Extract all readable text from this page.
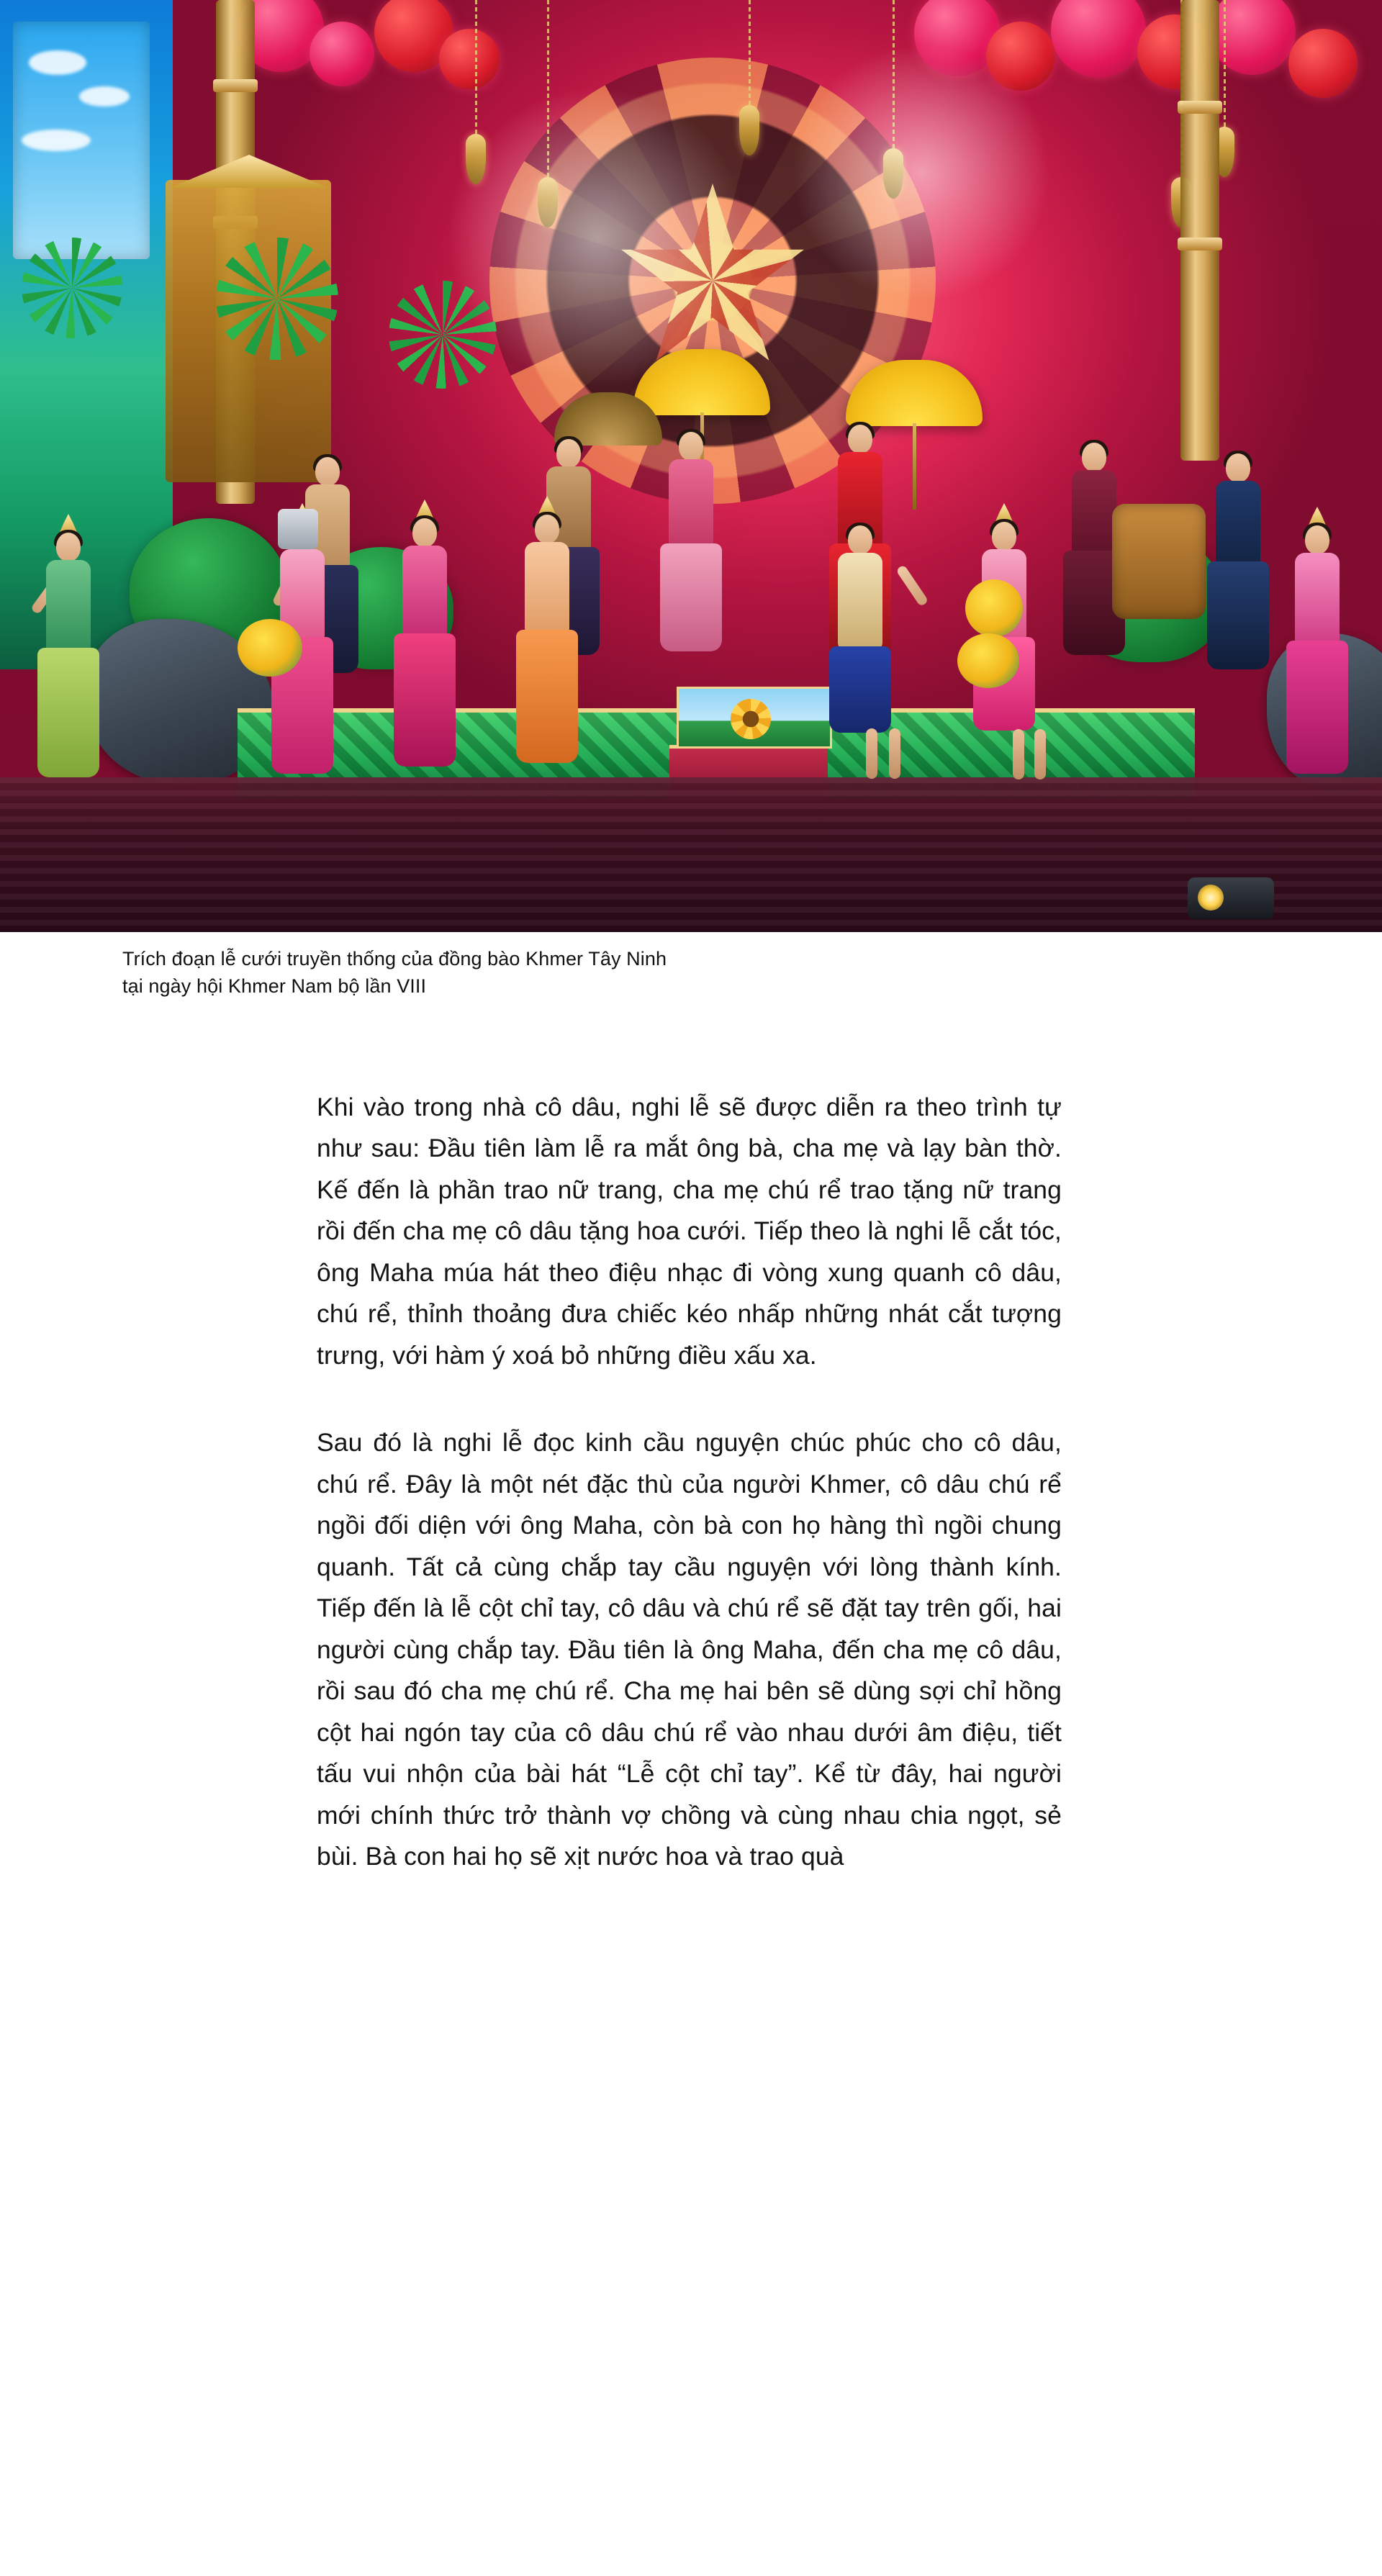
Trích đoạn lễ cưới truyền thống của đồng bào Khmer Tây Ninh
tại ngày hội Khmer Nam bộ lần VIII

Khi vào trong nhà cô dâu, nghi lễ sẽ được diễn ra theo trình tự như sau: Đầu tiên làm lễ ra mắt ông bà, cha mẹ và lạy bàn thờ. Kế đến là phần trao nữ trang, cha mẹ chú rể trao tặng nữ trang rồi đến cha mẹ cô dâu tặng hoa cưới. Tiếp theo là nghi lễ cắt tóc, ông Maha múa hát theo điệu nhạc đi vòng xung quanh cô dâu, chú rể, thỉnh thoảng đưa chiếc kéo nhấp những nhát cắt tượng trưng, với hàm ý xoá bỏ những điều xấu xa.

Sau đó là nghi lễ đọc kinh cầu nguyện chúc phúc cho cô dâu, chú rể. Đây là một nét đặc thù của người Khmer, cô dâu chú rể ngồi đối diện với ông Maha, còn bà con họ hàng thì ngồi chung quanh. Tất cả cùng chắp tay cầu nguyện với lòng thành kính. Tiếp đến là lễ cột chỉ tay, cô dâu và chú rể sẽ đặt tay trên gối, hai người cùng chắp tay. Đầu tiên là ông Maha, đến cha mẹ cô dâu, rồi sau đó cha mẹ chú rể. Cha mẹ hai bên sẽ dùng sợi chỉ hồng cột hai ngón tay của cô dâu chú rể vào nhau dưới âm điệu, tiết tấu vui nhộn của bài hát “Lễ cột chỉ tay”. Kể từ đây, hai người mới chính thức trở thành vợ chồng và cùng nhau chia ngọt, sẻ bùi. Bà con hai họ sẽ xịt nước hoa và trao quà
